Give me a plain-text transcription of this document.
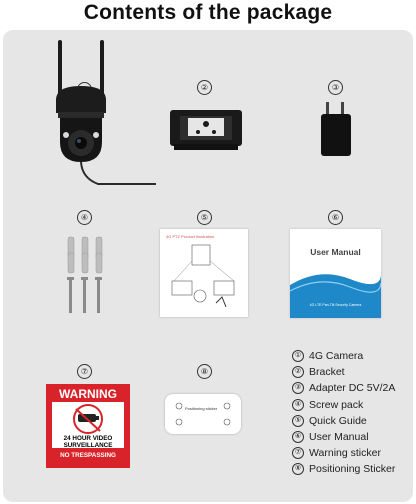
Contents of the package
②	③
④	⑤	⑥
⑦	⑧
4G PTZ Product Illustration
User Manual
4G LTE Pan-Tilt Security Camera
WARNING
24 HOUR VIDEO
SURVEILLANCE
NO TRESPASSING
Positioning sticker
① 4G Camera
② Bracket
③ Adapter DC 5V/2A
④ Screw pack
⑤ Quick Guide
⑥ User Manual
⑦ Warning sticker
⑧ Positioning Sticker
